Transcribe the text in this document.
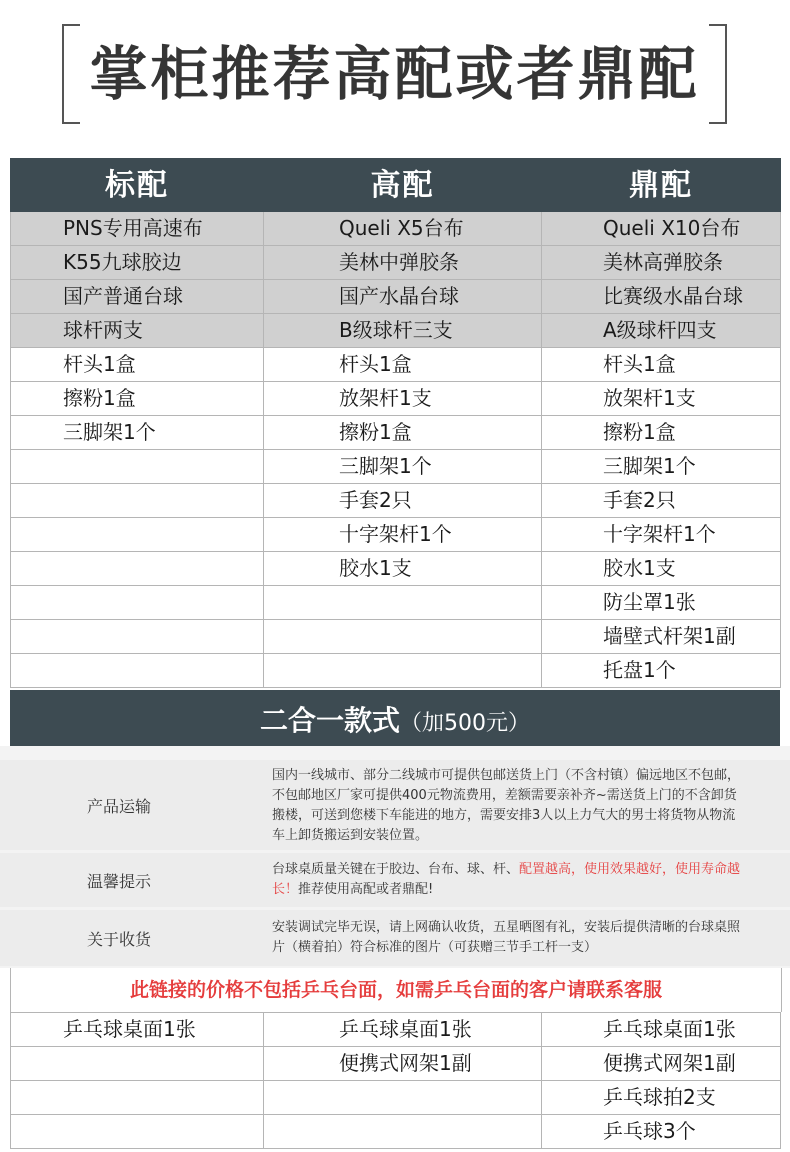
掌柜推荐高配或者鼎配
标配	高配	鼎配
PNS专用高速布	Queli X5台布	Queli X10台布
K55九球胶边	美林中弹胶条	美林高弹胶条
国产普通台球	国产水晶台球	比赛级水晶台球
球杆两支	B级球杆三支	A级球杆四支
杆头1盒	杆头1盒	杆头1盒
擦粉1盒	放架杆1支	放架杆1支
三脚架1个	擦粉1盒	擦粉1盒
	三脚架1个	三脚架1个
	手套2只	手套2只
	十字架杆1个	十字架杆1个
	胶水1支	胶水1支
		防尘罩1张
		墙壁式杆架1副
		托盘1个
二合一款式（加500元）
产品运输
国内一线城市、部分二线城市可提供包邮送货上门（不含村镇）偏远地区不包邮，不包邮地区厂家可提供400元物流费用，差额需要亲补齐~需送货上门的不含卸货搬楼，可送到您楼下车能进的地方，需要安排3人以上力气大的男士将货物从物流车上卸货搬运到安装位置。
温馨提示
台球桌质量关键在于胶边、台布、球、杆、配置越高，使用效果越好，使用寿命越长！推荐使用高配或者鼎配!
关于收货
安装调试完毕无误，请上网确认收货，五星晒图有礼，安装后提供清晰的台球桌照片（横着拍）符合标准的图片（可获赠三节手工杆一支）
此链接的价格不包括乒乓台面，如需乒乓台面的客户请联系客服
乒乓球桌面1张	乒乓球桌面1张	乒乓球桌面1张
	便携式网架1副	便携式网架1副
		乒乓球拍2支
		乒乓球3个
